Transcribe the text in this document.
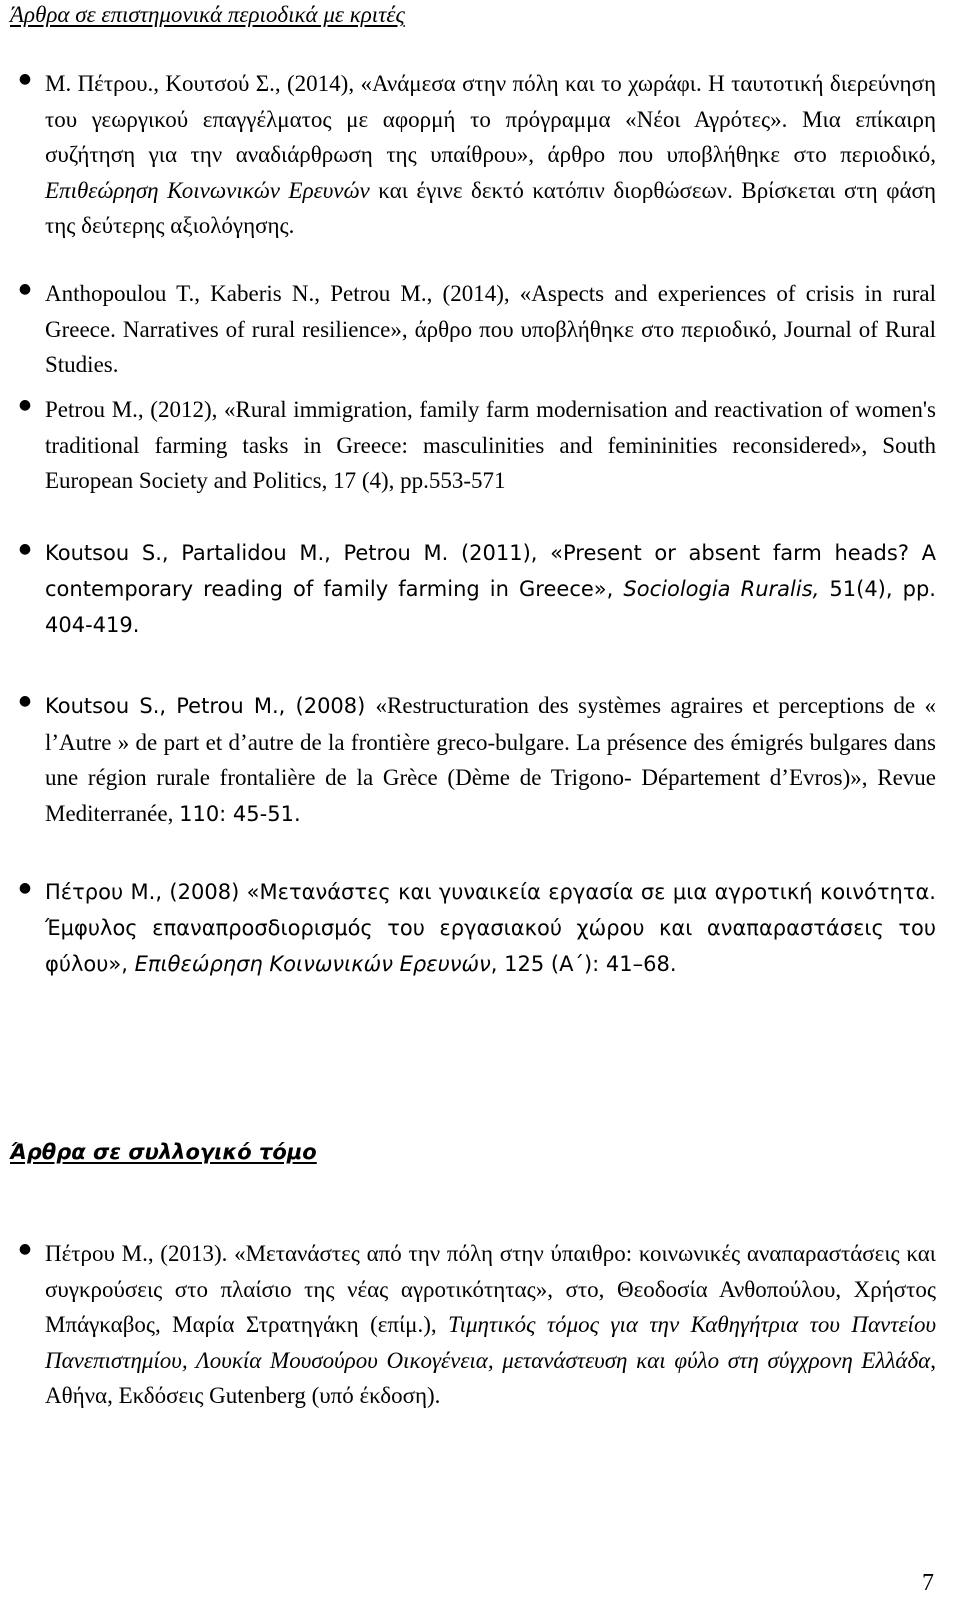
Άρθρα σε επιστημονικά περιοδικά με κριτές
● Μ. Πέτρου., Κουτσού Σ., (2014), «Ανάμεσα στην πόλη και το χωράφι. Η ταυτοτική διερεύνηση του γεωργικού επαγγέλματος με αφορμή το πρόγραμμα «Νέοι Αγρότες». Μια επίκαιρη συζήτηση για την αναδιάρθρωση της υπαίθρου», άρθρο που υποβλήθηκε στο περιοδικό, Επιθεώρηση Κοινωνικών Ερευνών και έγινε δεκτό κατόπιν διορθώσεων. Βρίσκεται στη φάση της δεύτερης αξιολόγησης.
● Anthopoulou T., Kaberis N., Petrou M., (2014), «Aspects and experiences of crisis in rural Greece. Narratives of rural resilience», άρθρο που υποβλήθηκε στο περιοδικό, Journal of Rural Studies.
● Petrou M., (2012), «Rural immigration, family farm modernisation and reactivation of women's traditional farming tasks in Greece: masculinities and femininities reconsidered», South European Society and Politics, 17 (4), pp.553-571
● Koutsou S., Partalidou M., Petrou M. (2011), «Present or absent farm heads? A contemporary reading of family farming in Greece», Sociologia Ruralis, 51(4), pp. 404-419.
● Koutsou S., Petrou M., (2008) «Restructuration des systèmes agraires et perceptions de « l’Autre » de part et d’autre de la frontière greco-bulgare. La présence des émigrés bulgares dans une région rurale frontalière de la Grèce (Dème de Trigono- Département d’Evros)», Revue Mediterranée, 110: 45-51.
● Πέτρου Μ., (2008) «Μετανάστες και γυναικεία εργασία σε μια αγροτική κοινότητα. Έμφυλος επαναπροσδιορισμός του εργασιακού χώρου και αναπαραστάσεις του φύλου», Επιθεώρηση Κοινωνικών Ερευνών, 125 (Α΄): 41–68.
Άρθρα σε συλλογικό τόμο
● Πέτρου Μ., (2013). «Μετανάστες από την πόλη στην ύπαιθρο: κοινωνικές αναπαραστάσεις και συγκρούσεις στο πλαίσιο της νέας αγροτικότητας», στο, Θεοδοσία Ανθοπούλου, Χρήστος Μπάγκαβος, Μαρία Στρατηγάκη (επίμ.), Τιμητικός τόμος για την Καθηγήτρια του Παντείου Πανεπιστημίου, Λουκία Μουσούρου Οικογένεια, μετανάστευση και φύλο στη σύγχρονη Ελλάδα, Αθήνα, Εκδόσεις Gutenberg (υπό έκδοση).
7
